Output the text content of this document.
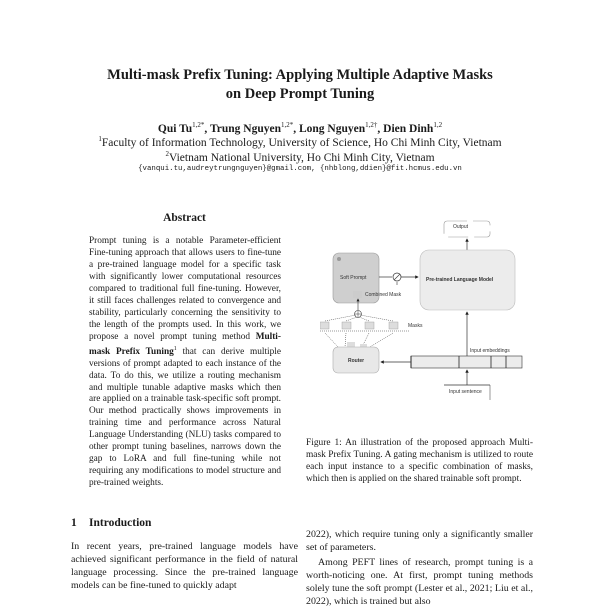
Multi-mask Prefix Tuning: Applying Multiple Adaptive Masks
on Deep Prompt Tuning
Qui $Tu^{1,2*}$, Trung Nguyen$^{1,2*}$, Long Nguyen$^{1,2\dagger}$, Dien Dinh$^{1,2}$
$^1$Faculty of Information Technology, University of Science, Ho Chi Minh City, Vietnam
$^2$Vietnam National University, Ho Chi Minh City, Vietnam
{vanqui.tu,audreytrungnguyen}@gmail.com, {nhblong,ddien}@fit.hcmus.edu.vn
Abstract
Prompt tuning is a notable Parameter-efficient Fine-tuning approach that allows users to fine-tune a pre-trained language model for a specific task with significantly lower computational resources compared to traditional full fine-tuning. However, it still faces challenges related to convergence and stability, particularly concerning the sensitivity to the length of the prompts used. In this work, we propose a novel prompt tuning method Multi-mask Prefix Tuning$^1$ that can derive multiple versions of prompt adapted to each instance of the data. To do this, we utilize a routing mechanism and multiple tunable adaptive masks which then are applied on a trainable task-specific soft prompt. Our method practically shows improvements in training time and performance across Natural Language Understanding (NLU) tasks compared to other prompt tuning baselines, narrows down the gap to LoRA and full fine-tuning while not requiring any modifications to model structure and pre-trained weights.
1 Introduction
In recent years, pre-trained language models have achieved significant performance in the field of natural language processing. Since the pre-trained language models can be fine-tuned to quickly adapt
Output
Soft Prompt	Pre-trained Language Model
Combined Mask
Masks
Router
Input embeddings
Input sentence
Figure 1: An illustration of the proposed approach Multi-mask Prefix Tuning. A gating mechanism is utilized to route each input instance to a specific combination of masks, which then is applied on the shared trainable soft prompt.

2022), which require tuning only a significantly smaller set of parameters.

Among PEFT lines of research, prompt tuning is a worth-noticing one. At first, prompt tuning methods solely tune the soft prompt (Lester et al., 2021; Liu et al., 2022), which is trained but also
